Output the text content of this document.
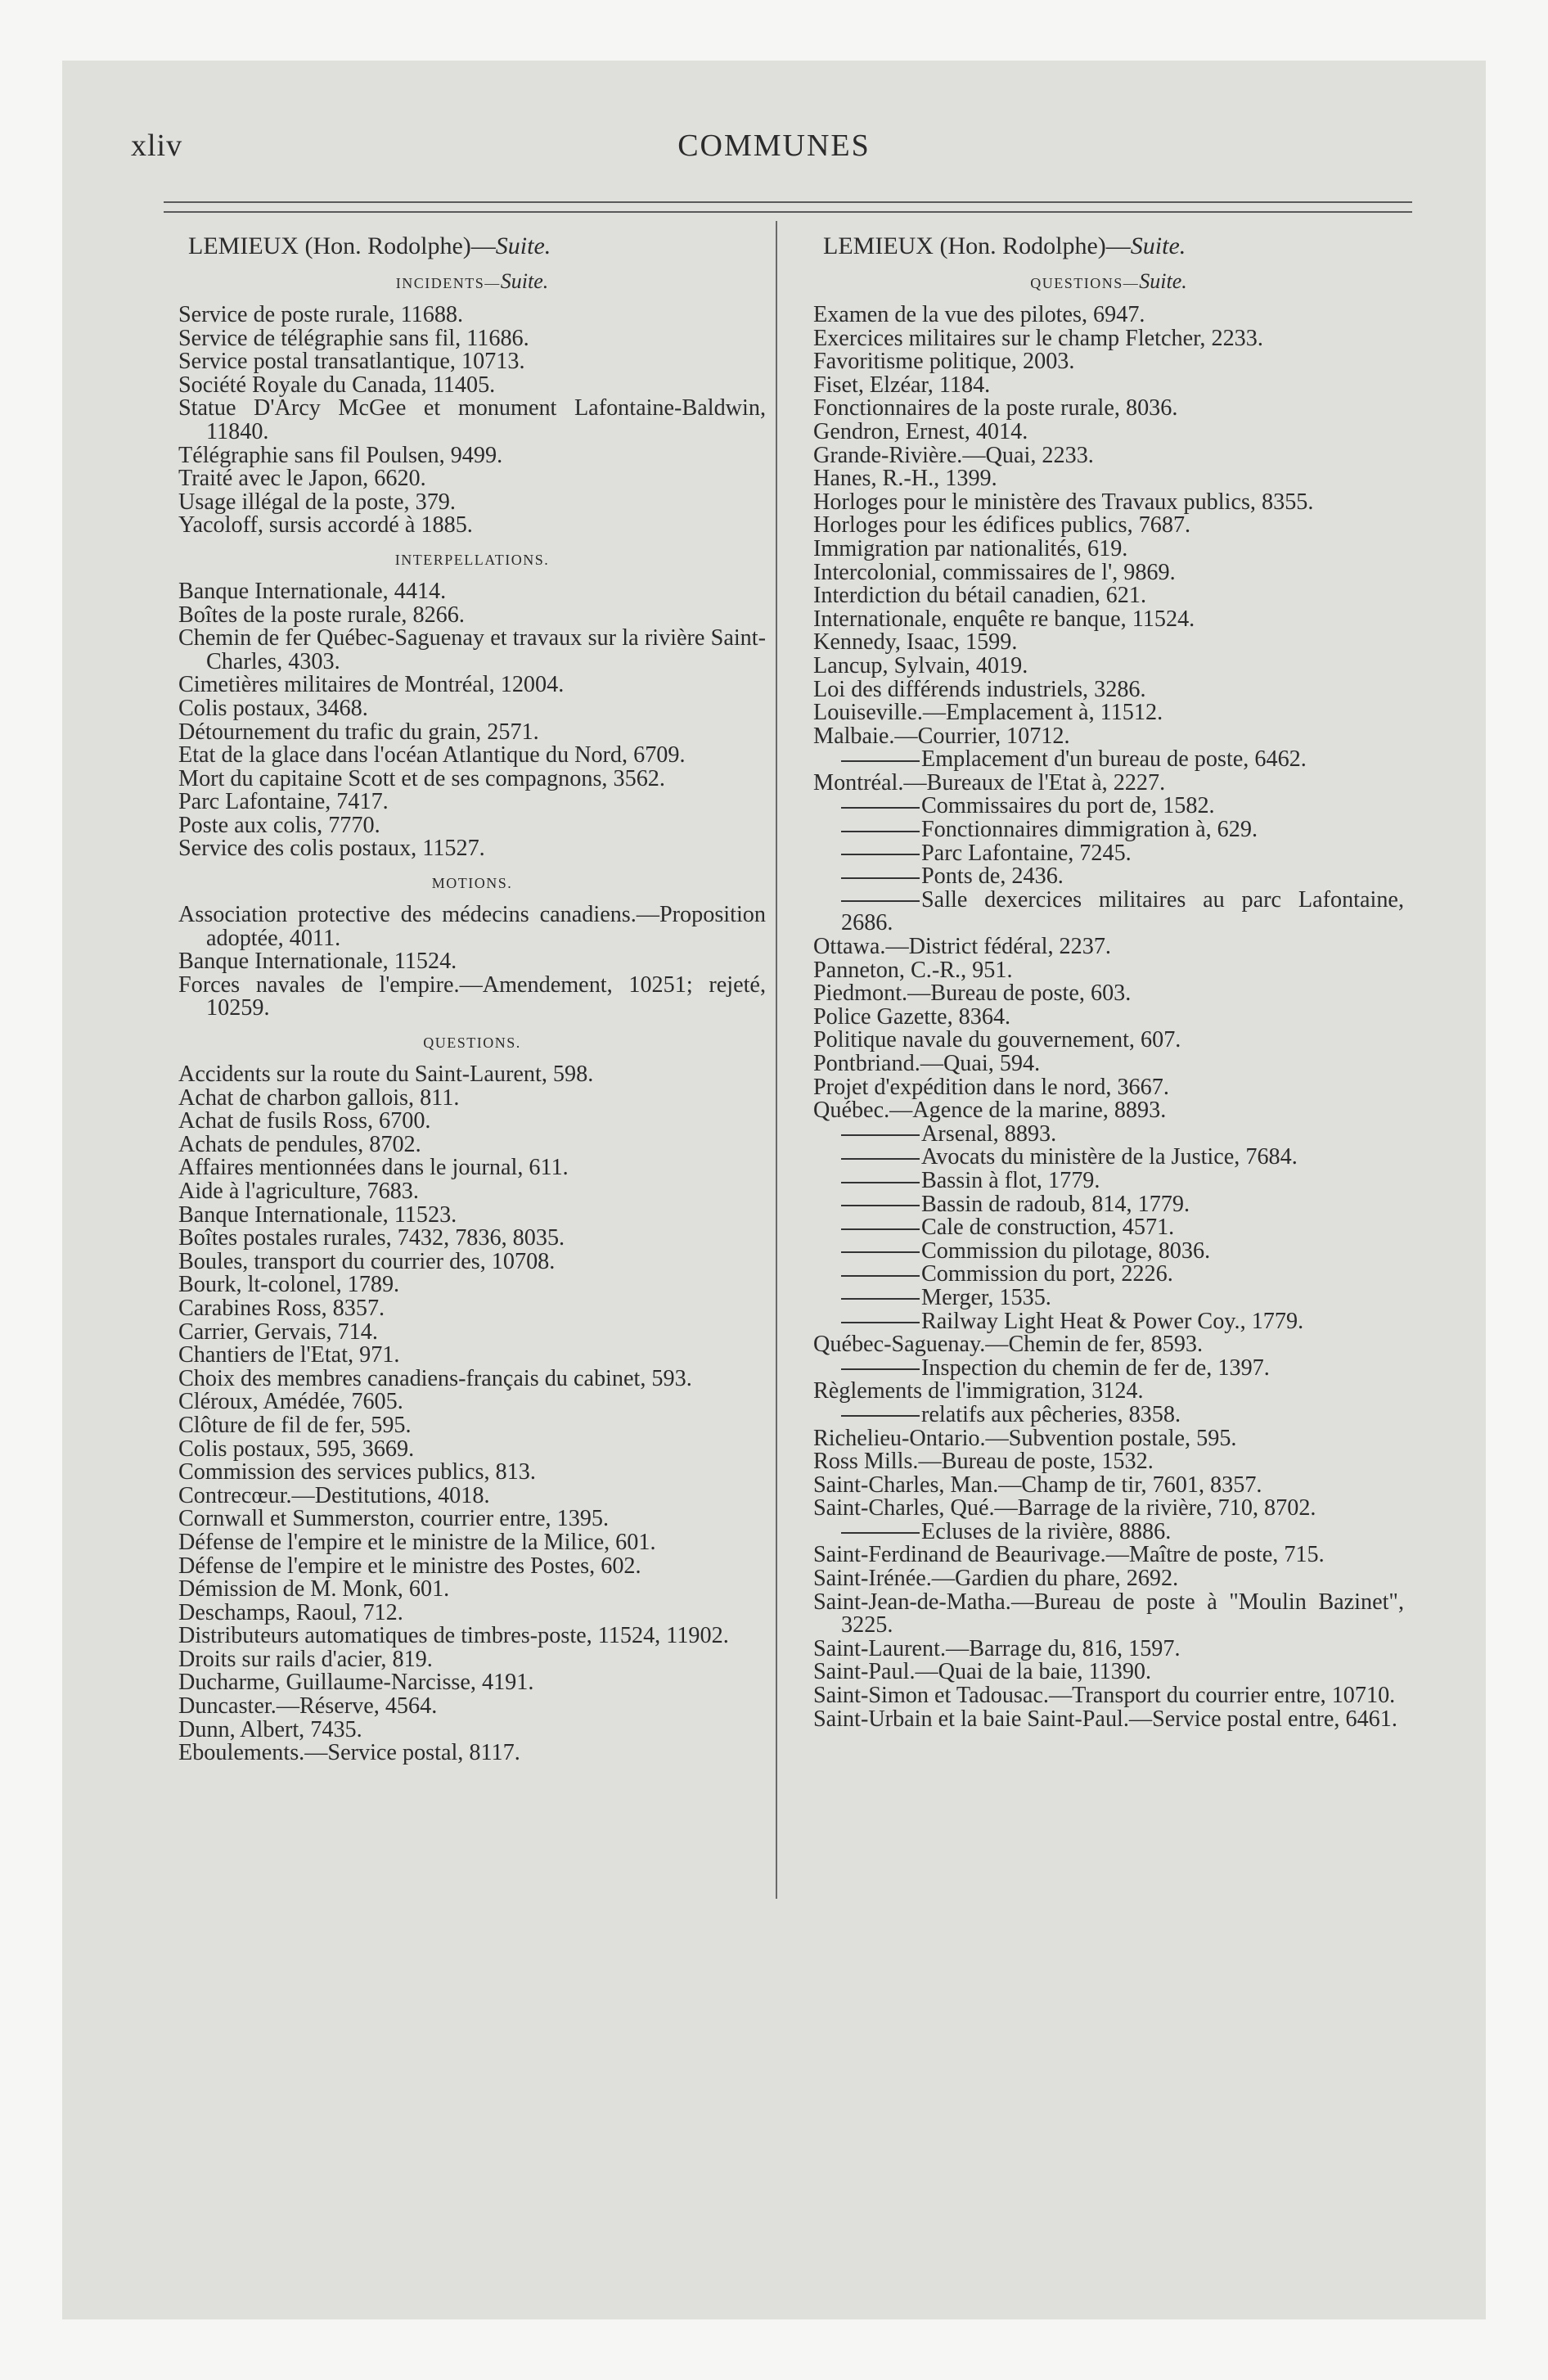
xliv	COMMUNES
LEMIEUX (Hon. Rodolphe)—Suite.
INCIDENTS—Suite.

Service de poste rurale, 11688.

Service de télégraphie sans fil, 11686.

Service postal transatlantique, 10713.

Société Royale du Canada, 11405.

Statue D'Arcy McGee et monument Lafontaine-Baldwin, 11840.

Télégraphie sans fil Poulsen, 9499.

Traité avec le Japon, 6620.

Usage illégal de la poste, 379.

Yacoloff, sursis accordé à 1885.

INTERPELLATIONS.

Banque Internationale, 4414.

Boîtes de la poste rurale, 8266.

Chemin de fer Québec-Saguenay et travaux sur la rivière Saint-Charles, 4303.

Cimetières militaires de Montréal, 12004.

Colis postaux, 3468.

Détournement du trafic du grain, 2571.

Etat de la glace dans l'océan Atlantique du Nord, 6709.

Mort du capitaine Scott et de ses compagnons, 3562.

Parc Lafontaine, 7417.

Poste aux colis, 7770.

Service des colis postaux, 11527.

MOTIONS.

Association protective des médecins canadiens.—Proposition adoptée, 4011.

Banque Internationale, 11524.

Forces navales de l'empire.—Amendement, 10251; rejeté, 10259.

QUESTIONS.

Accidents sur la route du Saint-Laurent, 598.

Achat de charbon gallois, 811.

Achat de fusils Ross, 6700.

Achats de pendules, 8702.

Affaires mentionnées dans le journal, 611.

Aide à l'agriculture, 7683.

Banque Internationale, 11523.

Boîtes postales rurales, 7432, 7836, 8035.

Boules, transport du courrier des, 10708.

Bourk, lt-colonel, 1789.

Carabines Ross, 8357.

Carrier, Gervais, 714.

Chantiers de l'Etat, 971.

Choix des membres canadiens-français du cabinet, 593.

Cléroux, Amédée, 7605.

Clôture de fil de fer, 595.

Colis postaux, 595, 3669.

Commission des services publics, 813.

Contrecœur.—Destitutions, 4018.

Cornwall et Summerston, courrier entre, 1395.

Défense de l'empire et le ministre de la Milice, 601.

Défense de l'empire et le ministre des Postes, 602.

Démission de M. Monk, 601.

Deschamps, Raoul, 712.

Distributeurs automatiques de timbres-poste, 11524, 11902.

Droits sur rails d'acier, 819.

Ducharme, Guillaume-Narcisse, 4191.

Duncaster.—Réserve, 4564.

Dunn, Albert, 7435.

Eboulements.—Service postal, 8117.

LEMIEUX (Hon. Rodolphe)—Suite.
QUESTIONS—Suite.

Examen de la vue des pilotes, 6947.

Exercices militaires sur le champ Fletcher, 2233.

Favoritisme politique, 2003.

Fiset, Elzéar, 1184.

Fonctionnaires de la poste rurale, 8036.

Gendron, Ernest, 4014.

Grande-Rivière.—Quai, 2233.

Hanes, R.-H., 1399.

Horloges pour le ministère des Travaux publics, 8355.

Horloges pour les édifices publics, 7687.

Immigration par nationalités, 619.

Intercolonial, commissaires de l', 9869.

Interdiction du bétail canadien, 621.

Internationale, enquête re banque, 11524.

Kennedy, Isaac, 1599.

Lancup, Sylvain, 4019.

Loi des différends industriels, 3286.

Louiseville.—Emplacement à, 11512.

Malbaie.—Courrier, 10712.

Emplacement d'un bureau de poste, 6462.

Montréal.—Bureaux de l'Etat à, 2227.

Commissaires du port de, 1582.

Fonctionnaires dimmigration à, 629.

Parc Lafontaine, 7245.

Ponts de, 2436.

Salle dexercices militaires au parc Lafontaine, 2686.

Ottawa.—District fédéral, 2237.

Panneton, C.-R., 951.

Piedmont.—Bureau de poste, 603.

Police Gazette, 8364.

Politique navale du gouvernement, 607.

Pontbriand.—Quai, 594.

Projet d'expédition dans le nord, 3667.

Québec.—Agence de la marine, 8893.

Arsenal, 8893.

Avocats du ministère de la Justice, 7684.

Bassin à flot, 1779.

Bassin de radoub, 814, 1779.

Cale de construction, 4571.

Commission du pilotage, 8036.

Commission du port, 2226.

Merger, 1535.

Railway Light Heat & Power Coy., 1779.

Québec-Saguenay.—Chemin de fer, 8593.

Inspection du chemin de fer de, 1397.

Règlements de l'immigration, 3124.

relatifs aux pêcheries, 8358.

Richelieu-Ontario.—Subvention postale, 595.

Ross Mills.—Bureau de poste, 1532.

Saint-Charles, Man.—Champ de tir, 7601, 8357.

Saint-Charles, Qué.—Barrage de la rivière, 710, 8702.

Ecluses de la rivière, 8886.

Saint-Ferdinand de Beaurivage.—Maître de poste, 715.

Saint-Irénée.—Gardien du phare, 2692.

Saint-Jean-de-Matha.—Bureau de poste à "Moulin Bazinet", 3225.

Saint-Laurent.—Barrage du, 816, 1597.

Saint-Paul.—Quai de la baie, 11390.

Saint-Simon et Tadousac.—Transport du courrier entre, 10710.

Saint-Urbain et la baie Saint-Paul.—Service postal entre, 6461.
